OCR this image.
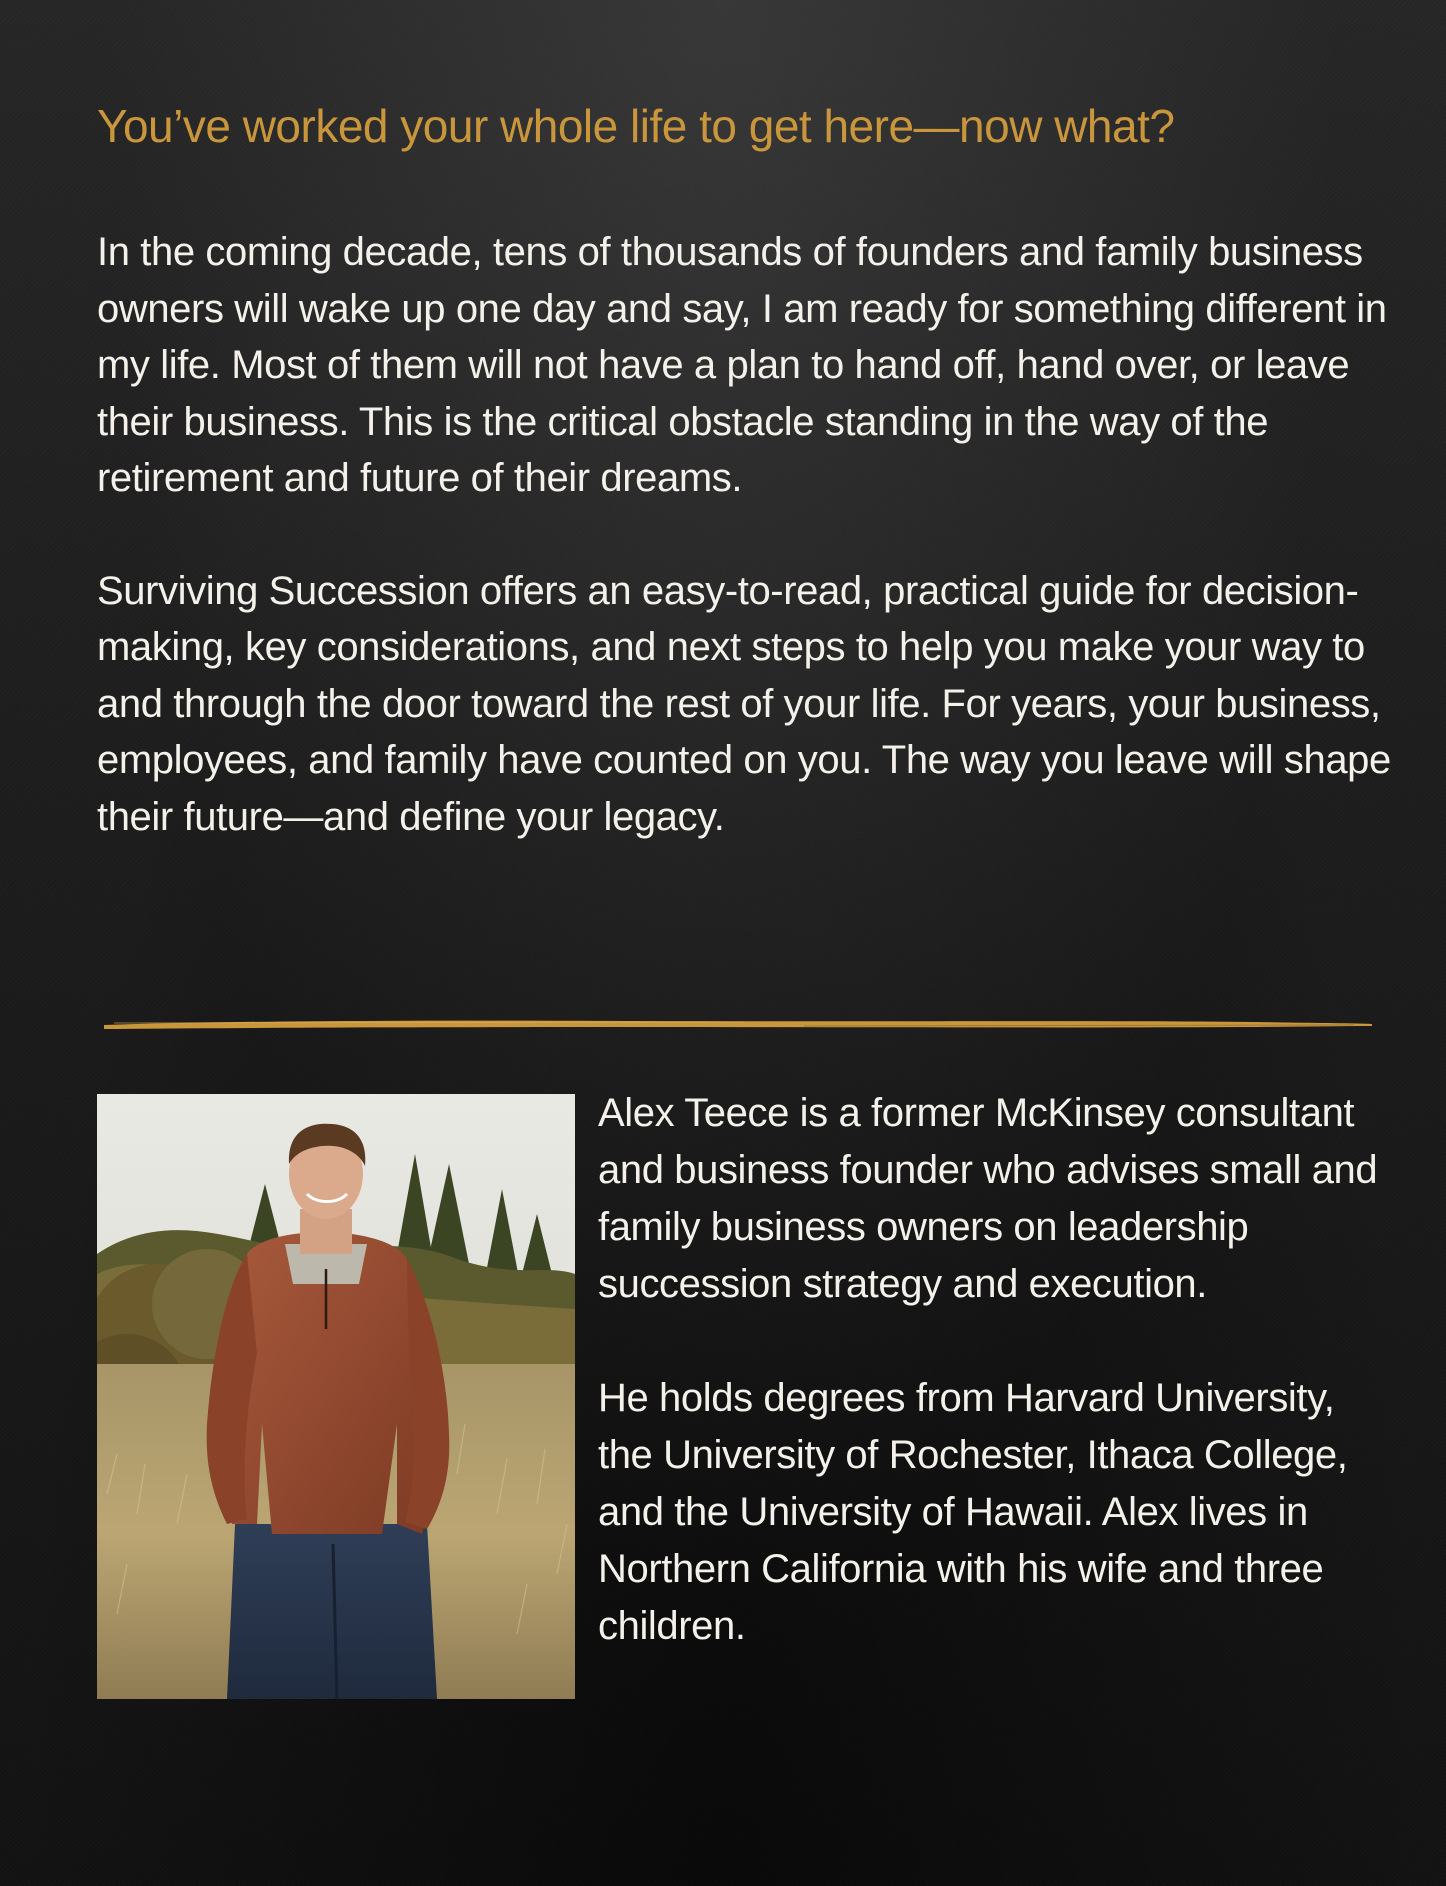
You’ve worked your whole life to get here—now what?

In the coming decade, tens of thousands of founders and family business owners will wake up one day and say, I am ready for something different in my life. Most of them will not have a plan to hand off, hand over, or leave their business. This is the critical obstacle standing in the way of the retirement and future of their dreams.

Surviving Succession offers an easy-to-read, practical guide for decision-making, key considerations, and next steps to help you make your way to and through the door toward the rest of your life. For years, your business, employees, and family have counted on you. The way you leave will shape their future—and define your legacy.

Alex Teece is a former McKinsey consultant and business founder who advises small and family business owners on leadership succession strategy and execution.

He holds degrees from Harvard University, the University of Rochester, Ithaca College, and the University of Hawaii. Alex lives in Northern California with his wife and three children.
